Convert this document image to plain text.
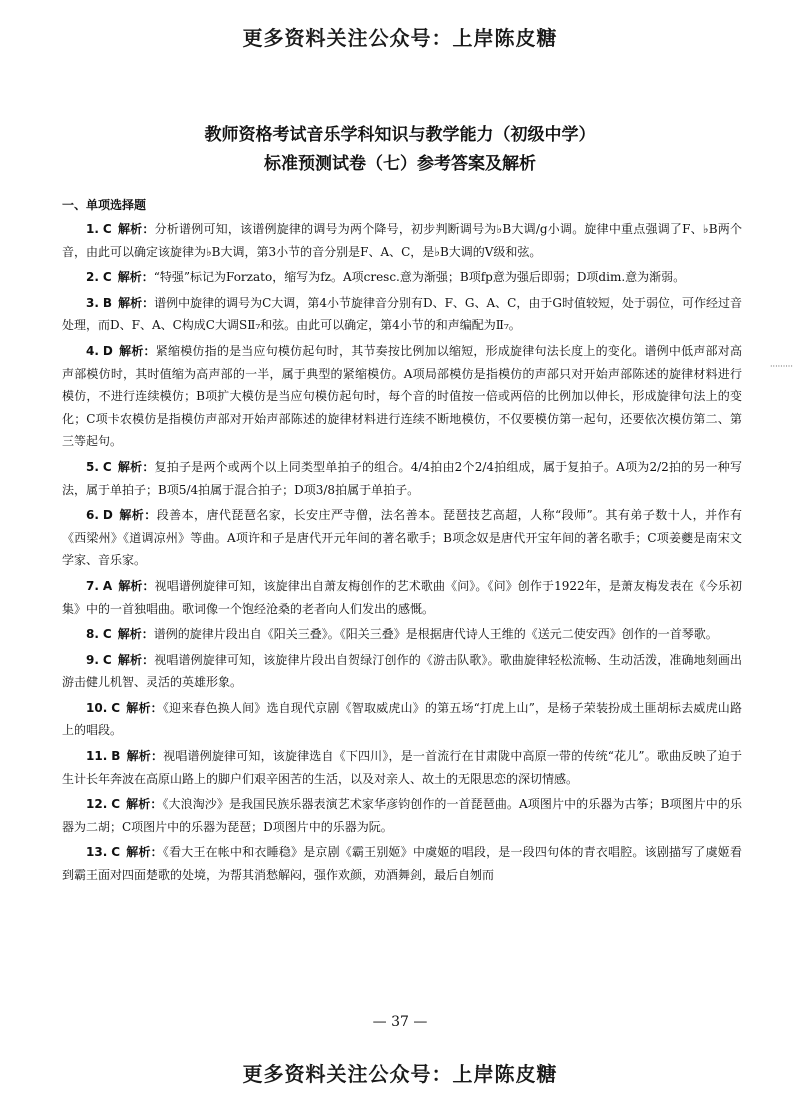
更多资料关注公众号：上岸陈皮糖
教师资格考试音乐学科知识与教学能力（初级中学）
标准预测试卷（七）参考答案及解析
一、单项选择题

1. C 解析：分析谱例可知，该谱例旋律的调号为两个降号，初步判断调号为♭B大调/g小调。旋律中重点强调了F、♭B两个音，由此可以确定该旋律为♭B大调，第3小节的音分别是F、A、C，是♭B大调的Ⅴ级和弦。

2. C 解析：“特强”标记为Forzato，缩写为fz。A项cresc.意为渐强；B项fp意为强后即弱；D项dim.意为渐弱。

3. B 解析：谱例中旋律的调号为C大调，第4小节旋律音分别有D、F、G、A、C，由于G时值较短，处于弱位，可作经过音处理，而D、F、A、C构成C大调SⅡ₇和弦。由此可以确定，第4小节的和声编配为Ⅱ₇。

4. D 解析：紧缩模仿指的是当应句模仿起句时，其节奏按比例加以缩短，形成旋律句法长度上的变化。谱例中低声部对高声部模仿时，其时值缩为高声部的一半，属于典型的紧缩模仿。A项局部模仿是指模仿的声部只对开始声部陈述的旋律材料进行模仿，不进行连续模仿；B项扩大模仿是当应句模仿起句时，每个音的时值按一倍或两倍的比例加以伸长，形成旋律句法上的变化；C项卡农模仿是指模仿声部对开始声部陈述的旋律材料进行连续不断地模仿，不仅要模仿第一起句，还要依次模仿第二、第三等起句。

5. C 解析：复拍子是两个或两个以上同类型单拍子的组合。4/4拍由2个2/4拍组成，属于复拍子。A项为2/2拍的另一种写法，属于单拍子；B项5/4拍属于混合拍子；D项3/8拍属于单拍子。

6. D 解析：段善本，唐代琵琶名家，长安庄严寺僧，法名善本。琵琶技艺高超，人称“段师”。其有弟子数十人，并作有《西梁州》《道调凉州》等曲。A项许和子是唐代开元年间的著名歌手；B项念奴是唐代开宝年间的著名歌手；C项姜夔是南宋文学家、音乐家。

7. A 解析：视唱谱例旋律可知，该旋律出自萧友梅创作的艺术歌曲《问》。《问》创作于1922年，是萧友梅发表在《今乐初集》中的一首独唱曲。歌词像一个饱经沧桑的老者向人们发出的感慨。

8. C 解析：谱例的旋律片段出自《阳关三叠》。《阳关三叠》是根据唐代诗人王维的《送元二使安西》创作的一首琴歌。

9. C 解析：视唱谱例旋律可知，该旋律片段出自贺绿汀创作的《游击队歌》。歌曲旋律轻松流畅、生动活泼，准确地刻画出游击健儿机智、灵活的英雄形象。

10. C 解析：《迎来春色换人间》选自现代京剧《智取威虎山》的第五场“打虎上山”，是杨子荣装扮成土匪胡标去威虎山路上的唱段。

11. B 解析：视唱谱例旋律可知，该旋律选自《下四川》，是一首流行在甘肃陇中高原一带的传统“花儿”。歌曲反映了迫于生计长年奔波在高原山路上的脚户们艰辛困苦的生活，以及对亲人、故土的无限思恋的深切情感。

12. C 解析：《大浪淘沙》是我国民族乐器表演艺术家华彦钧创作的一首琵琶曲。A项图片中的乐器为古筝；B项图片中的乐器为二胡；C项图片中的乐器为琵琶；D项图片中的乐器为阮。

13. C 解析：《看大王在帐中和衣睡稳》是京剧《霸王别姬》中虞姬的唱段，是一段四句体的青衣唱腔。该剧描写了虞姬看到霸王面对四面楚歌的处境，为帮其消愁解闷，强作欢颜，劝酒舞剑，最后自刎而

·········
— 37 —
更多资料关注公众号：上岸陈皮糖
